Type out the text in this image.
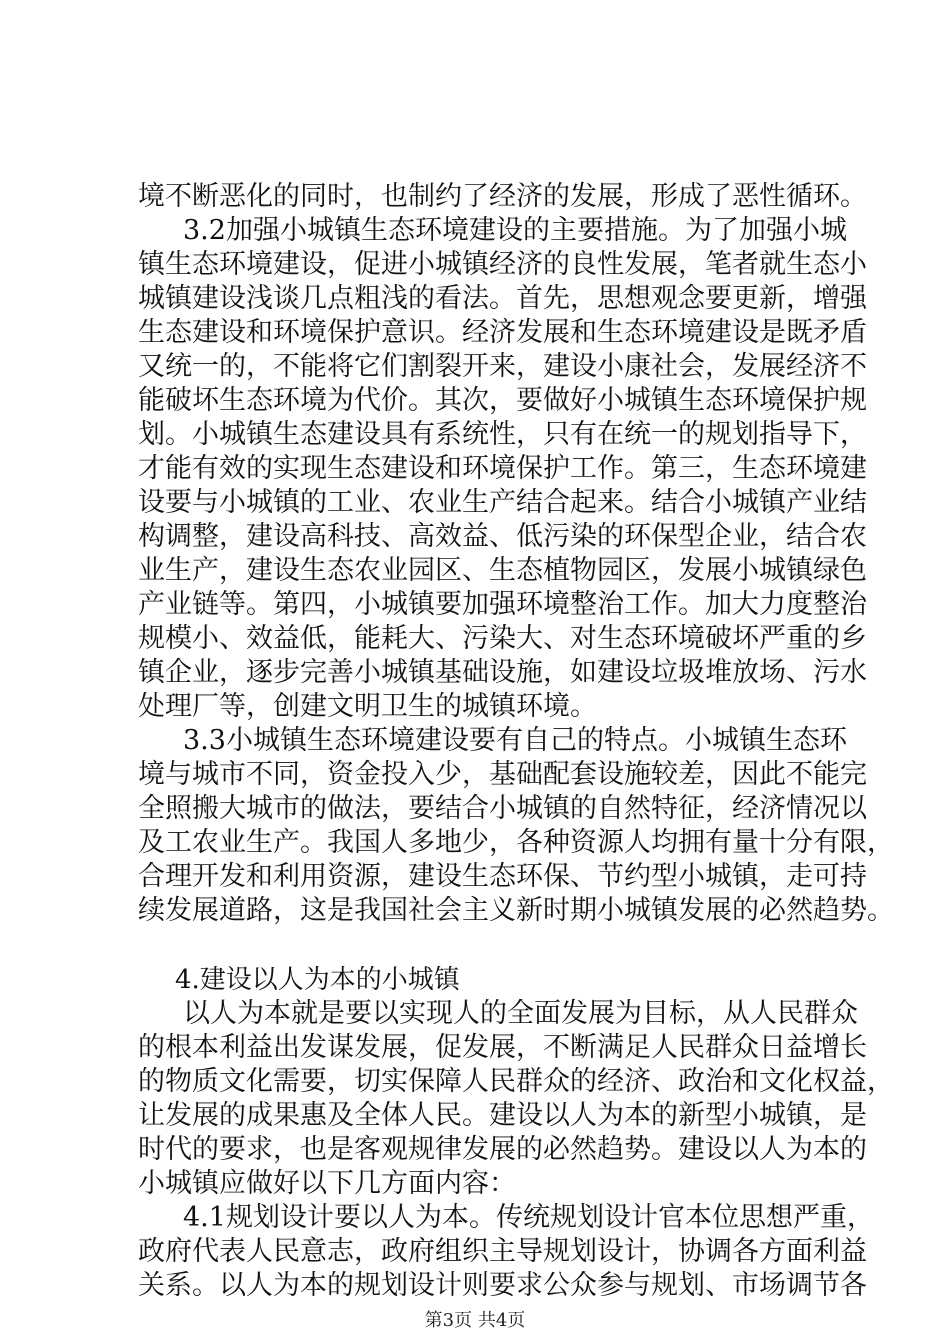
境不断恶化的同时，也制约了经济的发展，形成了恶性循环。

3.2加强小城镇生态环境建设的主要措施。为了加强小城

镇生态环境建设，促进小城镇经济的良性发展，笔者就生态小

城镇建设浅谈几点粗浅的看法。首先，思想观念要更新，增强

生态建设和环境保护意识。经济发展和生态环境建设是既矛盾

又统一的，不能将它们割裂开来，建设小康社会，发展经济不

能破坏生态环境为代价。其次，要做好小城镇生态环境保护规

划。小城镇生态建设具有系统性，只有在统一的规划指导下，

才能有效的实现生态建设和环境保护工作。第三，生态环境建

设要与小城镇的工业、农业生产结合起来。结合小城镇产业结

构调整，建设高科技、高效益、低污染的环保型企业，结合农

业生产，建设生态农业园区、生态植物园区，发展小城镇绿色

产业链等。第四，小城镇要加强环境整治工作。加大力度整治

规模小、效益低，能耗大、污染大、对生态环境破坏严重的乡

镇企业，逐步完善小城镇基础设施，如建设垃圾堆放场、污水

处理厂等，创建文明卫生的城镇环境。

3.3小城镇生态环境建设要有自己的特点。小城镇生态环

境与城市不同，资金投入少，基础配套设施较差，因此不能完

全照搬大城市的做法，要结合小城镇的自然特征，经济情况以

及工农业生产。我国人多地少，各种资源人均拥有量十分有限，

合理开发和利用资源，建设生态环保、节约型小城镇，走可持

续发展道路，这是我国社会主义新时期小城镇发展的必然趋势。

4.建设以人为本的小城镇

以人为本就是要以实现人的全面发展为目标，从人民群众

的根本利益出发谋发展，促发展，不断满足人民群众日益增长

的物质文化需要，切实保障人民群众的经济、政治和文化权益，

让发展的成果惠及全体人民。建设以人为本的新型小城镇，是

时代的要求，也是客观规律发展的必然趋势。建设以人为本的

小城镇应做好以下几方面内容：

4.1规划设计要以人为本。传统规划设计官本位思想严重，

政府代表人民意志，政府组织主导规划设计，协调各方面利益

关系。以人为本的规划设计则要求公众参与规划、市场调节各

第3页 共4页
